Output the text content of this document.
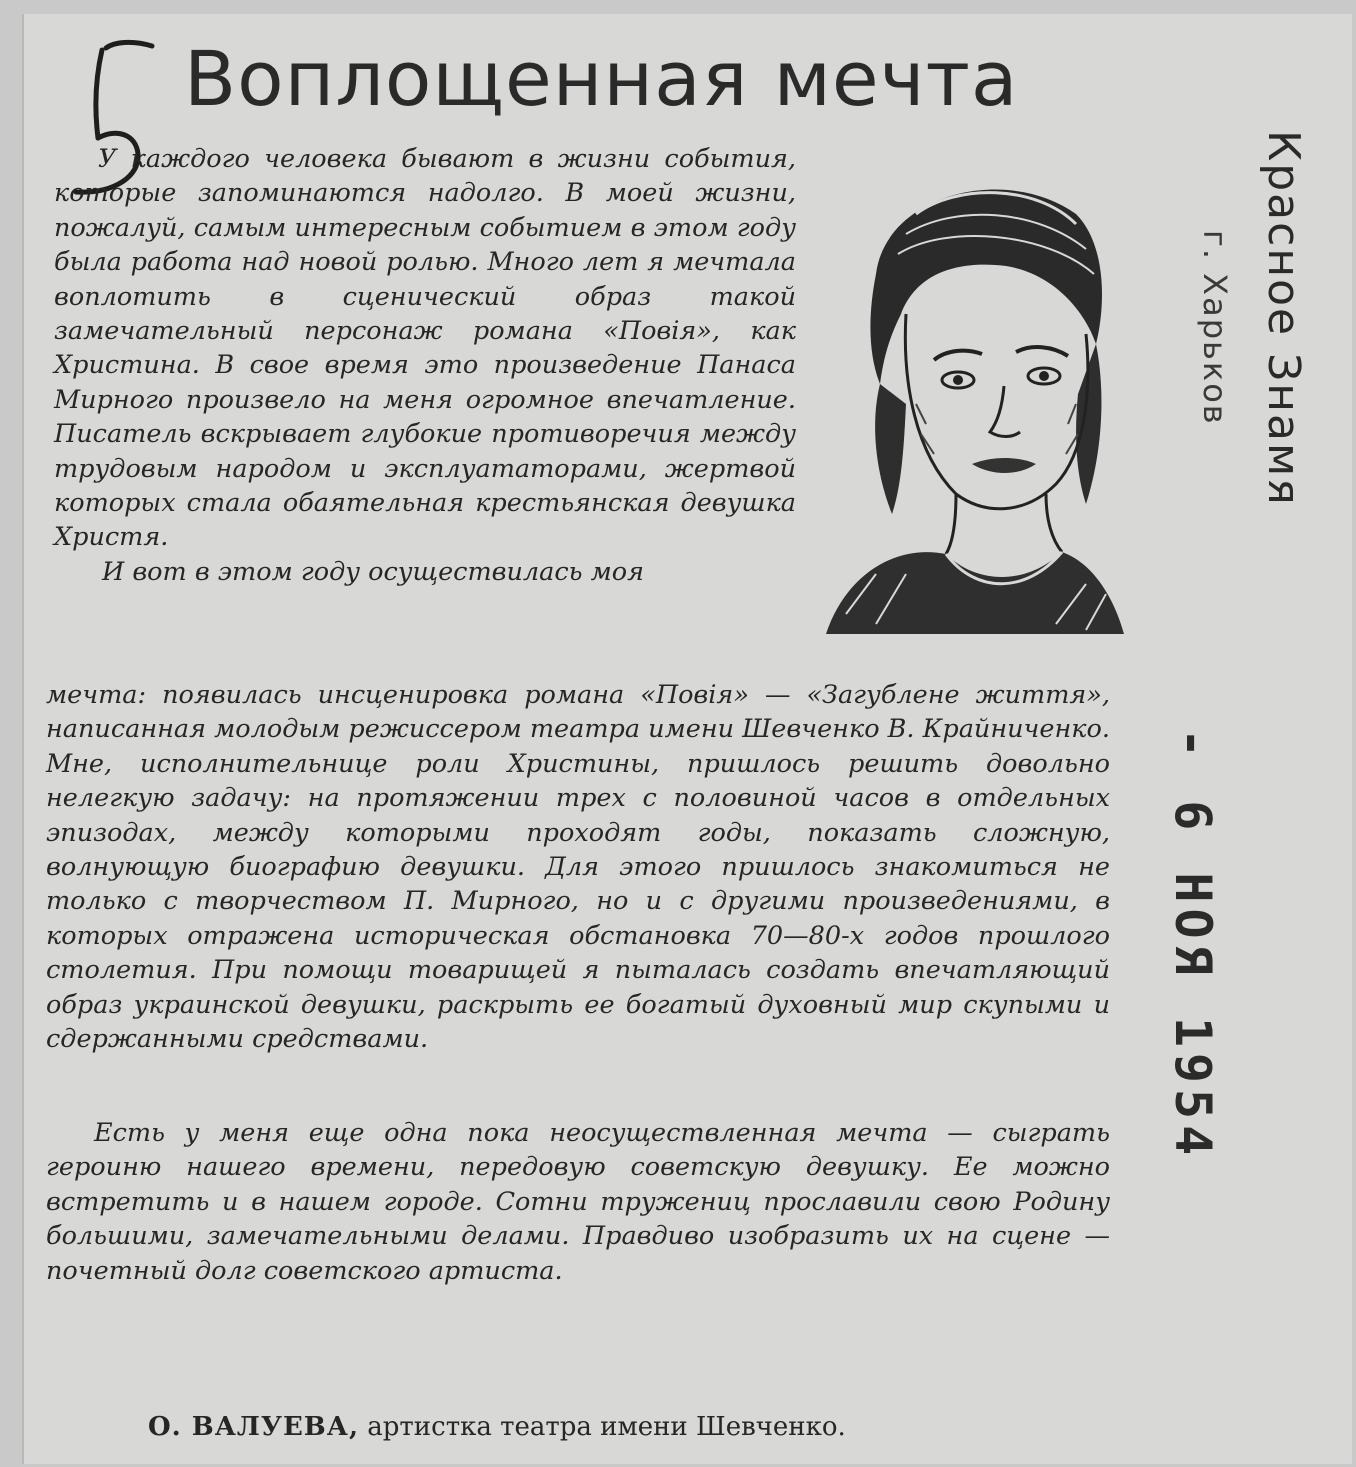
Воплощенная мечта
У каждого человека бывают в жизни события, которые запоминаются надолго. В моей жизни, пожалуй, самым интересным событием в этом году была работа над новой ролью. Много лет я мечтала воплотить в сценический образ такой замечательный персонаж романа «Повія», как Христина. В свое время это произведение Панаса Мирного произвело на меня огромное впечатление. Писатель вскрывает глубокие противоречия между трудовым народом и эксплуататорами, жертвой которых стала обаятельная крестьянская девушка Христя.
И вот в этом году осуществилась моя
мечта: появилась инсценировка романа «Повія» — «Загублене життя», написанная молодым режиссером театра имени Шевченко В. Крайниченко. Мне, исполнительнице роли Христины, пришлось решить довольно нелегкую задачу: на протяжении трех с половиной часов в отдельных эпизодах, между которыми проходят годы, показать сложную, волнующую биографию девушки. Для этого пришлось знакомиться не только с творчеством П. Мирного, но и с другими произведениями, в которых отражена историческая обстановка 70—80-х годов прошлого столетия. При помощи товарищей я пыталась создать впечатляющий образ украинской девушки, раскрыть ее богатый духовный мир скупыми и сдержанными средствами.
Есть у меня еще одна пока неосуществленная мечта — сыграть героиню нашего времени, передовую советскую девушку. Ее можно встретить и в нашем городе. Сотни тружениц прославили свою Родину большими, замечательными делами. Правдиво изобразить их на сцене — почетный долг советского артиста.
О. ВАЛУЕВА, артистка театра имени Шевченко.
Красное Знамя
г. Харьков
- 6 НОЯ 1954
